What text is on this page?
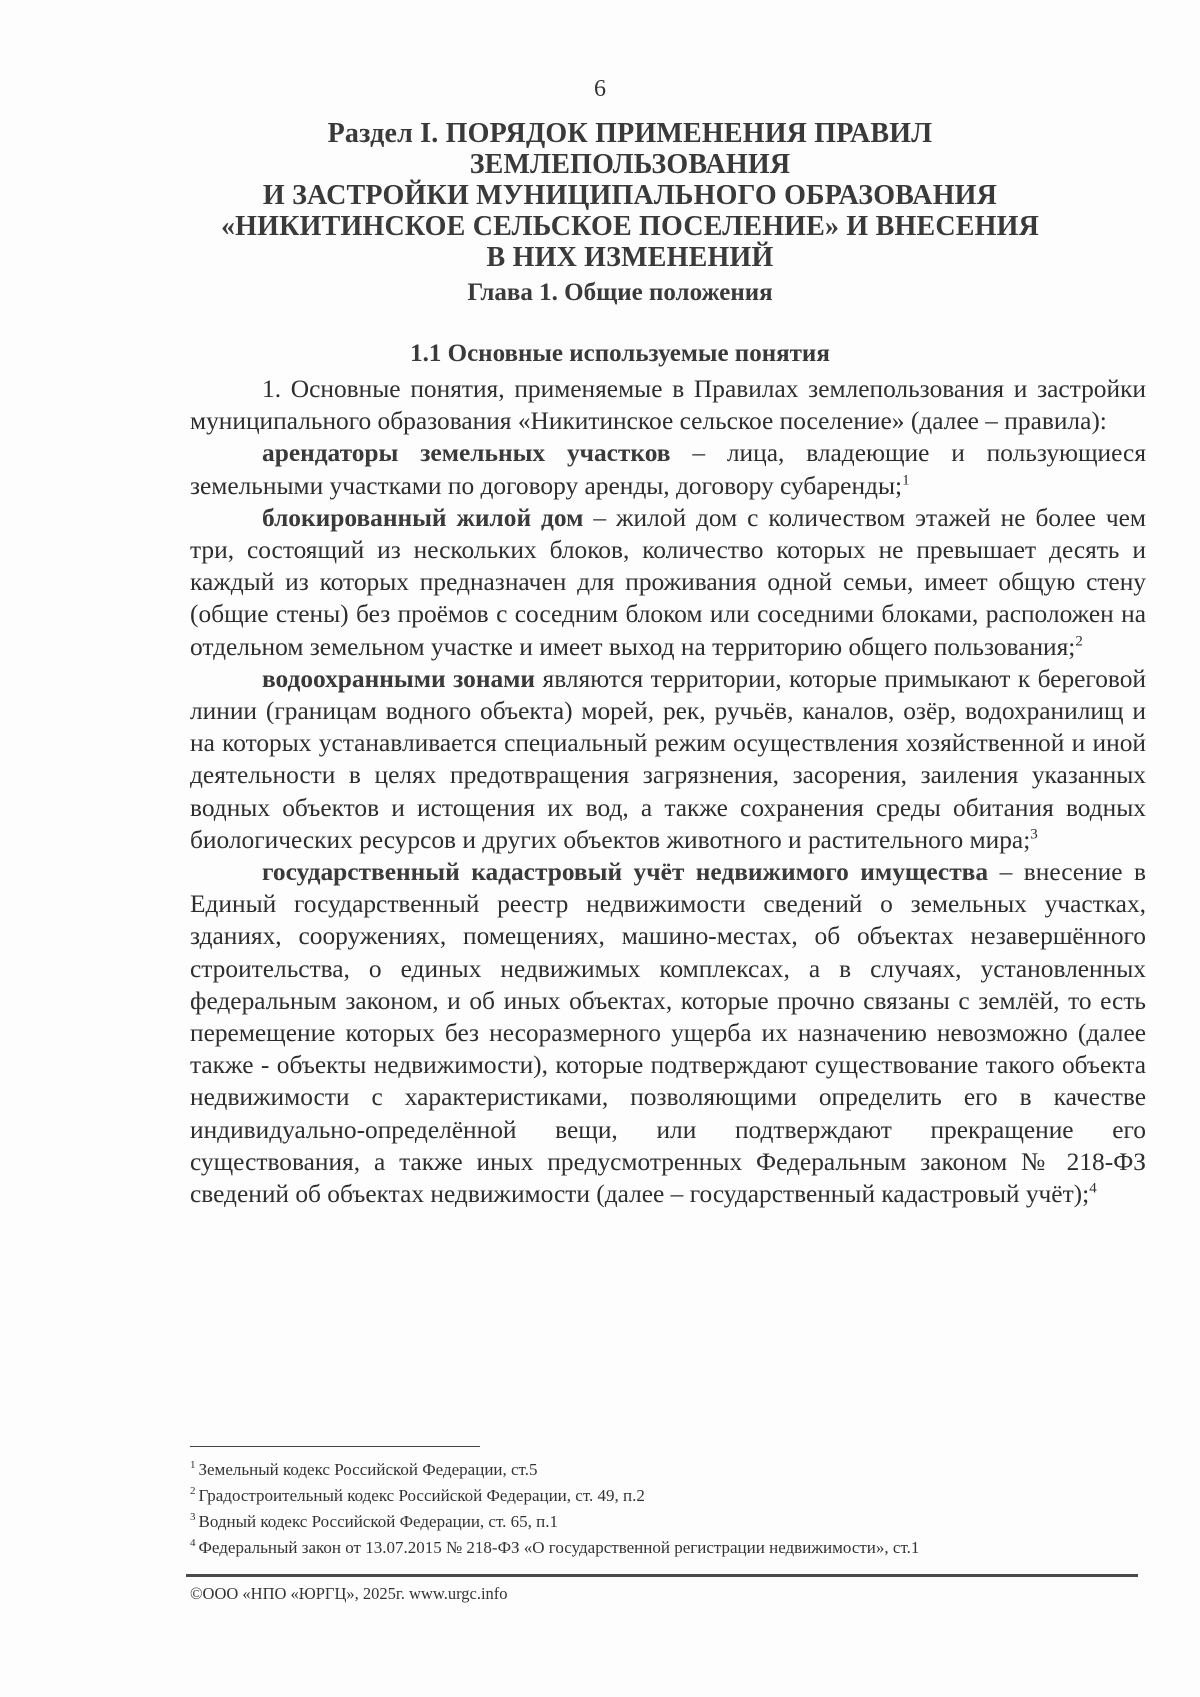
6
Раздел I. ПОРЯДОК ПРИМЕНЕНИЯ ПРАВИЛ ЗЕМЛЕПОЛЬЗОВАНИЯ
И ЗАСТРОЙКИ МУНИЦИПАЛЬНОГО ОБРАЗОВАНИЯ
«НИКИТИНСКОЕ СЕЛЬСКОЕ ПОСЕЛЕНИЕ» И ВНЕСЕНИЯ
В НИХ ИЗМЕНЕНИЙ
Глава 1. Общие положения
1.1 Основные используемые понятия

1. Основные понятия, применяемые в Правилах землепользования и застройки муниципального образования «Никитинское сельское поселение» (далее – правила):

арендаторы земельных участков – лица, владеющие и пользующиеся земельными участками по договору аренды, договору субаренды;$^1$

блокированный жилой дом – жилой дом с количеством этажей не более чем три, состоящий из нескольких блоков, количество которых не превышает десять и каждый из которых предназначен для проживания одной семьи, имеет общую стену (общие стены) без проёмов с соседним блоком или соседними блоками, расположен на отдельном земельном участке и имеет выход на территорию общего пользования;$^2$

водоохранными зонами являются территории, которые примыкают к береговой линии (границам водного объекта) морей, рек, ручьёв, каналов, озёр, водохранилищ и на которых устанавливается специальный режим осуществления хозяйственной и иной деятельности в целях предотвращения загрязнения, засорения, заиления указанных водных объектов и истощения их вод, а также сохранения среды обитания водных биологических ресурсов и других объектов животного и растительного мира;$^3$

государственный кадастровый учёт недвижимого имущества – внесение в Единый государственный реестр недвижимости сведений о земельных участках, зданиях, сооружениях, помещениях, машино-местах, об объектах незавершённого строительства, о единых недвижимых комплексах, а в случаях, установленных федеральным законом, и об иных объектах, которые прочно связаны с землёй, то есть перемещение которых без несоразмерного ущерба их назначению невозможно (далее также - объекты недвижимости), которые подтверждают существование такого объекта недвижимости с характеристиками, позволяющими определить его в качестве индивидуально-определённой вещи, или подтверждают прекращение его существования, а также иных предусмотренных Федеральным законом № 218-ФЗ сведений об объектах недвижимости (далее – государственный кадастровый учёт);$^4$

$^1$ Земельный кодекс Российской Федерации, ст.5
$^2$ Градостроительный кодекс Российской Федерации, ст. 49, п.2
$^3$ Водный кодекс Российской Федерации, ст. 65, п.1
$^4$ Федеральный закон от 13.07.2015 № 218-ФЗ «О государственной регистрации недвижимости», ст.1
©ООО «НПО «ЮРГЦ», 2025г. www.urgc.info
